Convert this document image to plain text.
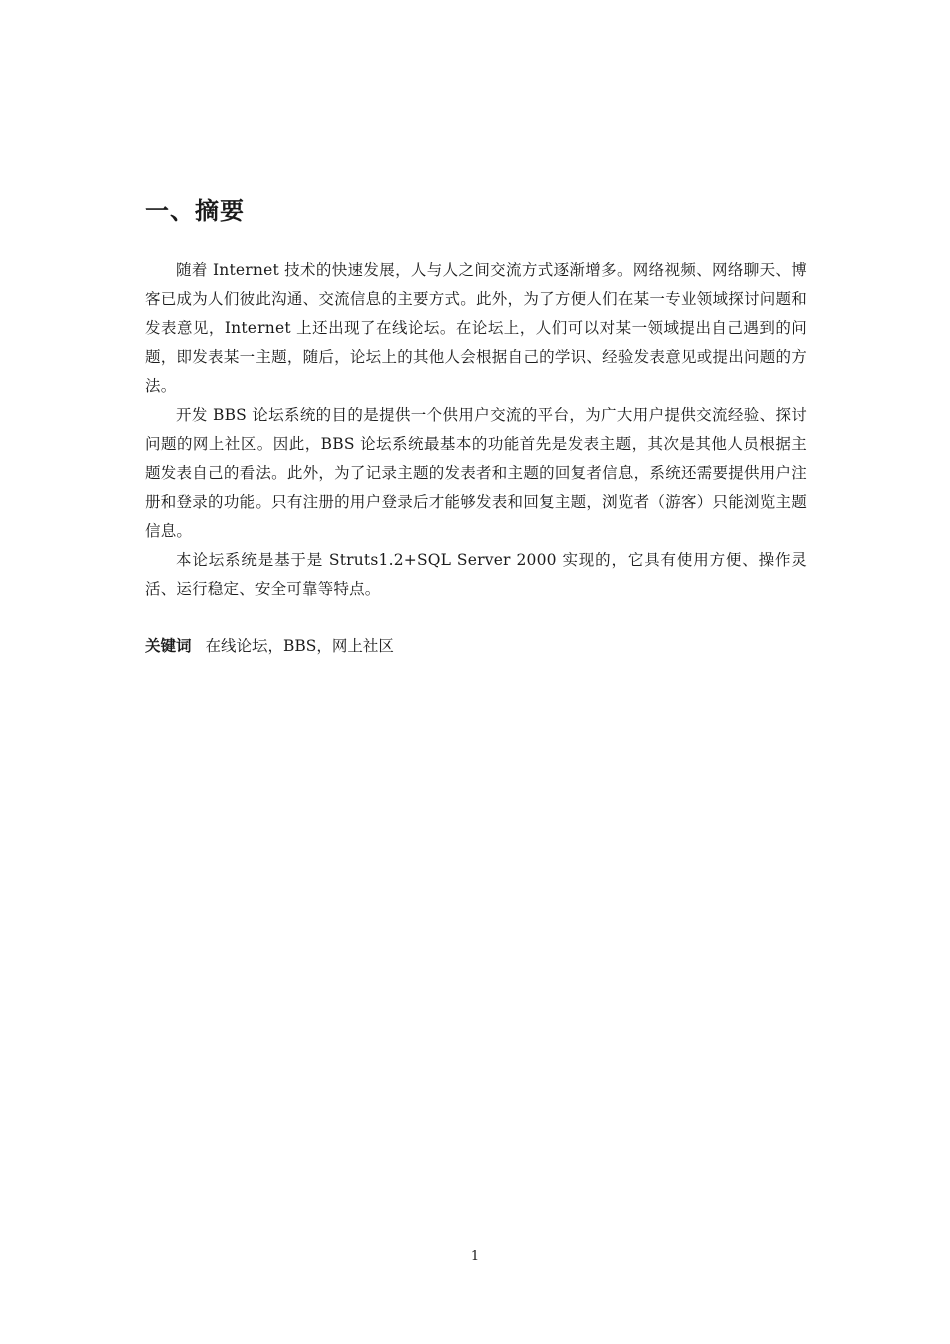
一、摘要

随着 Internet 技术的快速发展，人与人之间交流方式逐渐增多。网络视频、网络聊天、博客已成为人们彼此沟通、交流信息的主要方式。此外，为了方便人们在某一专业领域探讨问题和发表意见，Internet 上还出现了在线论坛。在论坛上，人们可以对某一领域提出自己遇到的问题，即发表某一主题，随后，论坛上的其他人会根据自己的学识、经验发表意见或提出问题的方法。

开发 BBS 论坛系统的目的是提供一个供用户交流的平台，为广大用户提供交流经验、探讨问题的网上社区。因此，BBS 论坛系统最基本的功能首先是发表主题，其次是其他人员根据主题发表自己的看法。此外，为了记录主题的发表者和主题的回复者信息，系统还需要提供用户注册和登录的功能。只有注册的用户登录后才能够发表和回复主题，浏览者（游客）只能浏览主题信息。

本论坛系统是基于是 Struts1.2+SQL Server 2000 实现的，它具有使用方便、操作灵活、运行稳定、安全可靠等特点。

关键词 在线论坛，BBS，网上社区
1
